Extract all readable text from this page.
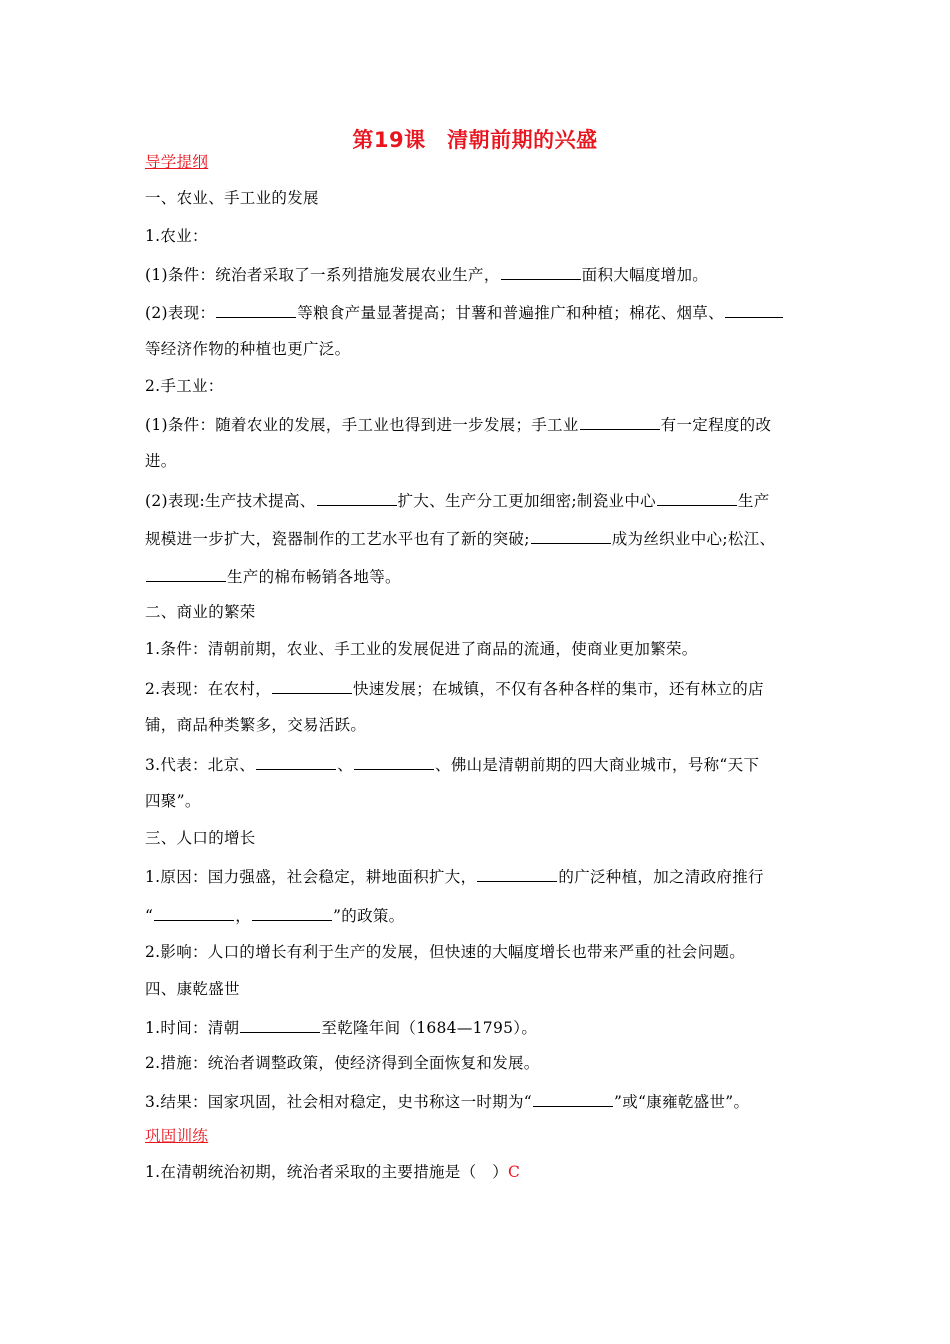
第19课　清朝前期的兴盛
导学提纲
一、农业、手工业的发展
1.农业：
(1)条件：统治者采取了一系列措施发展农业生产，	面积大幅度增加。
(2)表现：	等粮食产量显著提高；甘薯和普遍推广和种植；棉花、烟草、
等经济作物的种植也更广泛。
2.手工业：
(1)条件：随着农业的发展，手工业也得到进一步发展；手工业	有一定程度的改
进。
(2)表现:生产技术提高、	扩大、生产分工更加细密;制瓷业中心	生产
规模进一步扩大，瓷器制作的工艺水平也有了新的突破;	成为丝织业中心;松江、
生产的棉布畅销各地等。
二、商业的繁荣
1.条件：清朝前期，农业、手工业的发展促进了商品的流通，使商业更加繁荣。
2.表现：在农村，	快速发展；在城镇，不仅有各种各样的集市，还有林立的店
铺，商品种类繁多，交易活跃。
3.代表：北京、	、	、佛山是清朝前期的四大商业城市，号称“天下
四聚”。
三、人口的增长
1.原因：国力强盛，社会稳定，耕地面积扩大，	的广泛种植，加之清政府推行
“	，	”的政策。
2.影响：人口的增长有利于生产的发展，但快速的大幅度增长也带来严重的社会问题。
四、康乾盛世
1.时间：清朝	至乾隆年间（1684—1795）。
2.措施：统治者调整政策，使经济得到全面恢复和发展。
3.结果：国家巩固，社会相对稳定，史书称这一时期为“	”或“康雍乾盛世”。
巩固训练
1.在清朝统治初期，统治者采取的主要措施是（　）C
